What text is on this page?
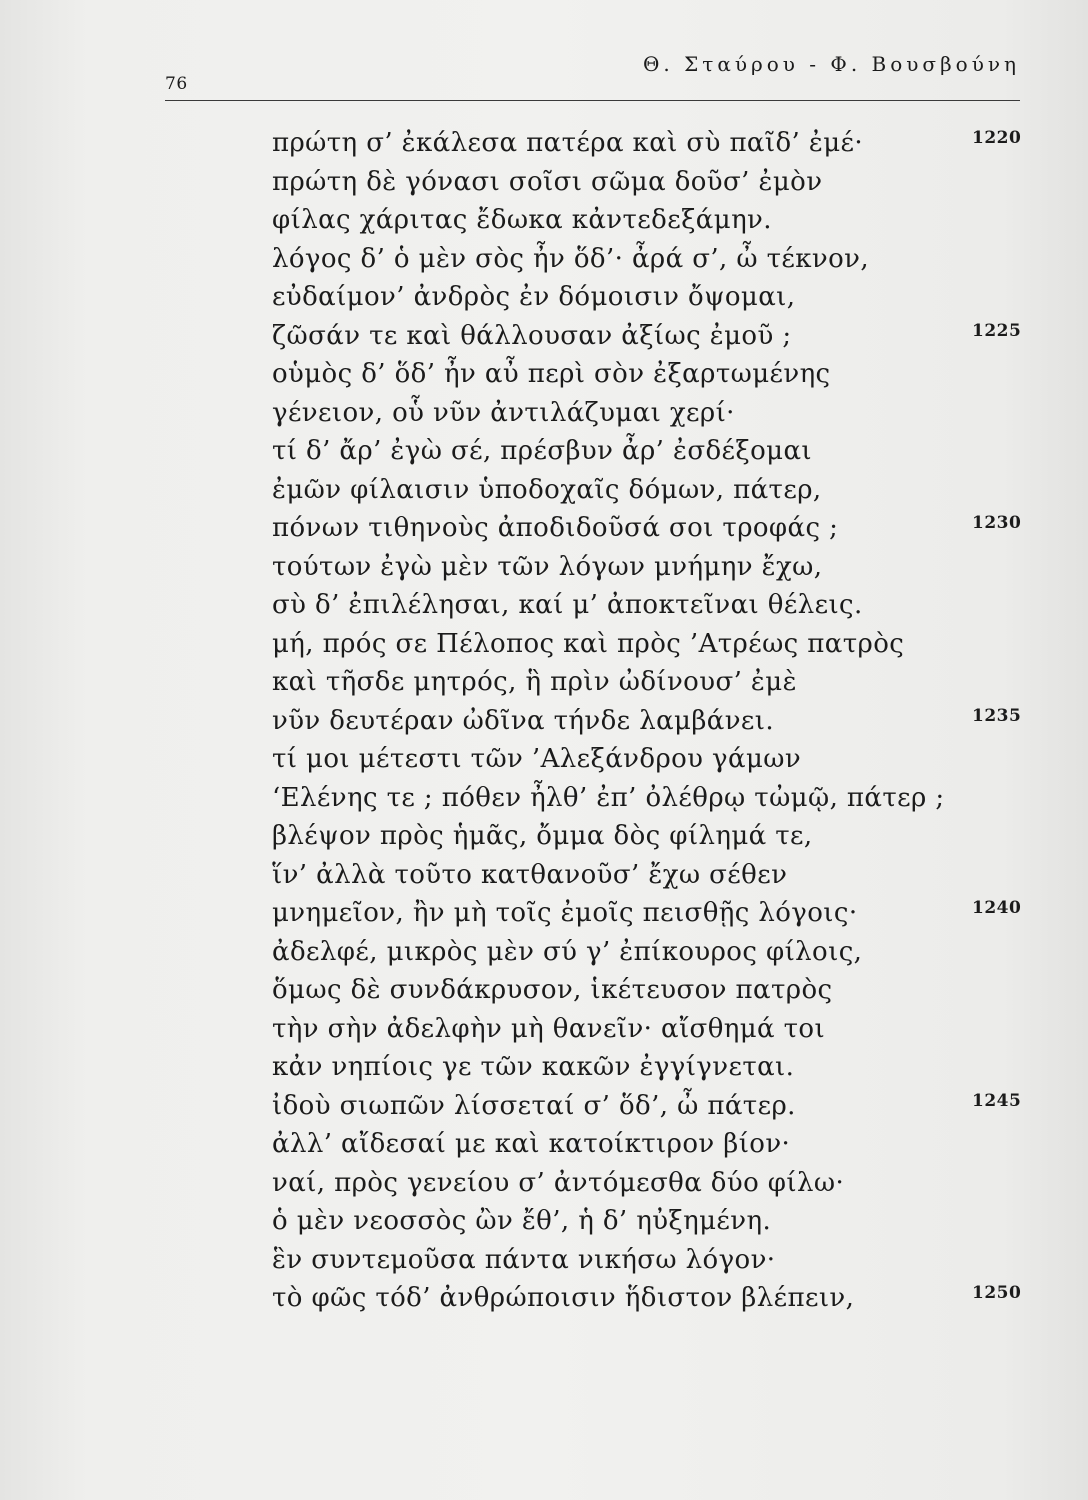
76
Θ. Σταύρου - Φ. Βουσβούνη
πρώτη σ’ ἐκάλεσα πατέρα καὶ σὺ παῖδ’ ἐμέ·	1220
πρώτη δὲ γόνασι σοῖσι σῶμα δοῦσ’ ἐμὸν
φίλας χάριτας ἔδωκα κἀντεδεξάμην.
λόγος δ’ ὁ μὲν σὸς ἦν ὅδ’· ἆρά σ’, ὦ τέκνον,
εὐδαίμον’ ἀνδρὸς ἐν δόμοισιν ὄψομαι,
ζῶσάν τε καὶ θάλλουσαν ἀξίως ἐμοῦ ;	1225
οὑμὸς δ’ ὅδ’ ἦν αὖ περὶ σὸν ἐξαρτωμένης
γένειον, οὗ νῦν ἀντιλάζυμαι χερί·
τί δ’ ἄρ’ ἐγὼ σέ, πρέσβυν ἆρ’ ἐσδέξομαι
ἐμῶν φίλαισιν ὑποδοχαῖς δόμων, πάτερ,
πόνων τιθηνοὺς ἀποδιδοῦσά σοι τροφάς ;	1230
τούτων ἐγὼ μὲν τῶν λόγων μνήμην ἔχω,
σὺ δ’ ἐπιλέλησαι, καί μ’ ἀποκτεῖναι θέλεις.
μή, πρός σε Πέλοπος καὶ πρὸς ’Ατρέως πατρὸς
καὶ τῆσδε μητρός, ἣ πρὶν ὠδίνουσ’ ἐμὲ
νῦν δευτέραν ὠδῖνα τήνδε λαμβάνει.	1235
τί μοι μέτεστι τῶν ’Αλεξάνδρου γάμων
‘Ελένης τε ; πόθεν ἦλθ’ ἐπ’ ὀλέθρῳ τὠμῷ, πάτερ ;
βλέψον πρὸς ἡμᾶς, ὄμμα δὸς φίλημά τε,
ἵν’ ἀλλὰ τοῦτο κατθανοῦσ’ ἔχω σέθεν
μνημεῖον, ἢν μὴ τοῖς ἐμοῖς πεισθῇς λόγοις·	1240
ἀδελφέ, μικρὸς μὲν σύ γ’ ἐπίκουρος φίλοις,
ὅμως δὲ συνδάκρυσον, ἱκέτευσον πατρὸς
τὴν σὴν ἀδελφὴν μὴ θανεῖν· αἴσθημά τοι
κἀν νηπίοις γε τῶν κακῶν ἐγγίγνεται.
ἰδοὺ σιωπῶν λίσσεταί σ’ ὅδ’, ὦ πάτερ.	1245
ἀλλ’ αἴδεσαί με καὶ κατοίκτιρον βίον·
ναί, πρὸς γενείου σ’ ἀντόμεσθα δύο φίλω·
ὁ μὲν νεοσσὸς ὢν ἔθ’, ἡ δ’ ηὐξημένη.
ἓν συντεμοῦσα πάντα νικήσω λόγον·
τὸ φῶς τόδ’ ἀνθρώποισιν ἥδιστον βλέπειν,	1250
